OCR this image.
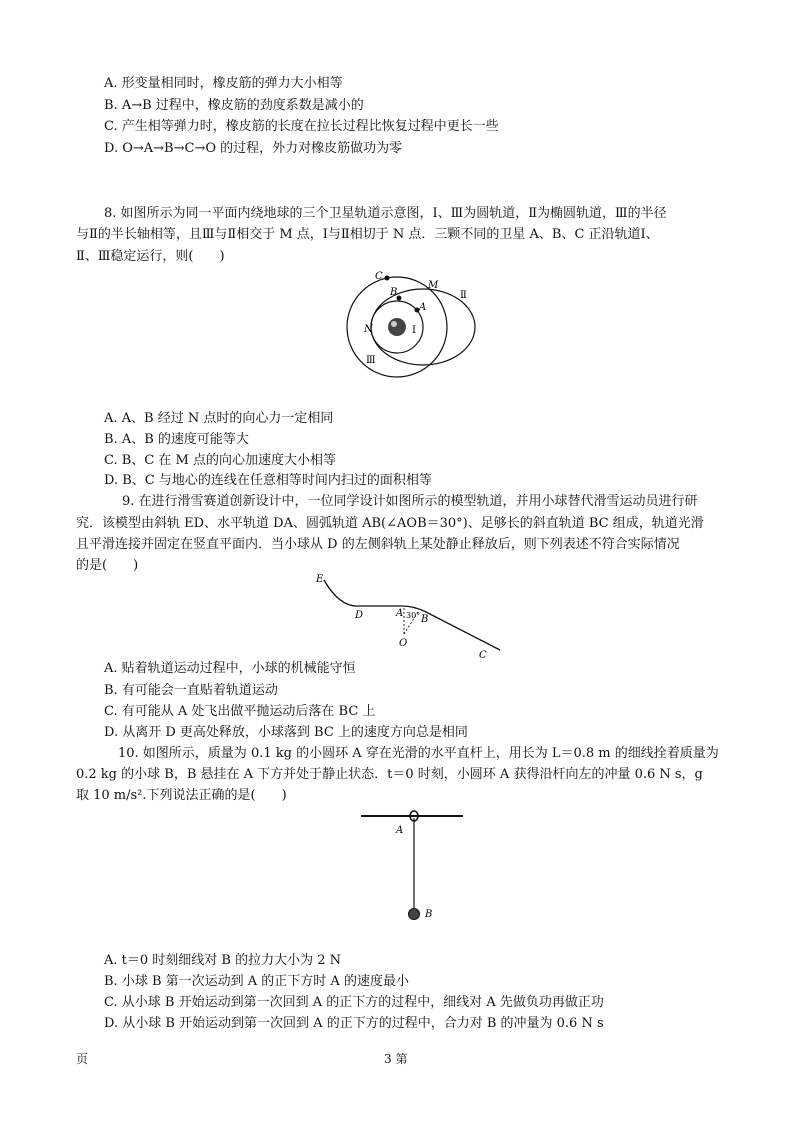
A. 形变量相同时，橡皮筋的弹力大小相等
B. A→B 过程中，橡皮筋的劲度系数是减小的
C. 产生相等弹力时，橡皮筋的长度在拉长过程比恢复过程中更长一些
D. O→A→B→C→O 的过程，外力对橡皮筋做功为零
8. 如图所示为同一平面内绕地球的三个卫星轨道示意图，Ⅰ、Ⅲ为圆轨道，Ⅱ为椭圆轨道，Ⅲ的半径
与Ⅱ的半长轴相等，且Ⅲ与Ⅱ相交于 M 点，Ⅰ与Ⅱ相切于 N 点．三颗不同的卫星 A、B、C 正沿轨道Ⅰ、
Ⅱ、Ⅲ稳定运行，则(　　)
C
M
B
A
N	Ⅰ
Ⅱ
Ⅲ
A. A、B 经过 N 点时的向心力一定相同
B. A、B 的速度可能等大
C. B、C 在 M 点的向心加速度大小相等
D. B、C 与地心的连线在任意相等时间内扫过的面积相等
9. 在进行滑雪赛道创新设计中，一位同学设计如图所示的模型轨道，并用小球替代滑雪运动员进行研
究．该模型由斜轨 ED、水平轨道 DA、圆弧轨道 AB(∠AOB＝30°)、足够长的斜直轨道 BC 组成，轨道光滑
且平滑连接并固定在竖直平面内．当小球从 D 的左侧斜轨上某处静止释放后，则下列表述不符合实际情况
的是(　　)
E
D	A 30° B
O
C
A. 贴着轨道运动过程中，小球的机械能守恒
B. 有可能会一直贴着轨道运动
C. 有可能从 A 处飞出做平抛运动后落在 BC 上
D. 从离开 D 更高处释放，小球落到 BC 上的速度方向总是相同
10. 如图所示，质量为 0.1 kg 的小圆环 A 穿在光滑的水平直杆上，用长为 L＝0.8 m 的细线拴着质量为
0.2 kg 的小球 B，B 悬挂在 A 下方并处于静止状态．t＝0 时刻，小圆环 A 获得沿杆向左的冲量 0.6 N s，g
取 10 m/s².下列说法正确的是(　　)
A
B
A. t＝0 时刻细线对 B 的拉力大小为 2 N
B. 小球 B 第一次运动到 A 的正下方时 A 的速度最小
C. 从小球 B 开始运动到第一次回到 A 的正下方的过程中，细线对 A 先做负功再做正功
D. 从小球 B 开始运动到第一次回到 A 的正下方的过程中，合力对 B 的冲量为 0.6 N s
页	3 第
